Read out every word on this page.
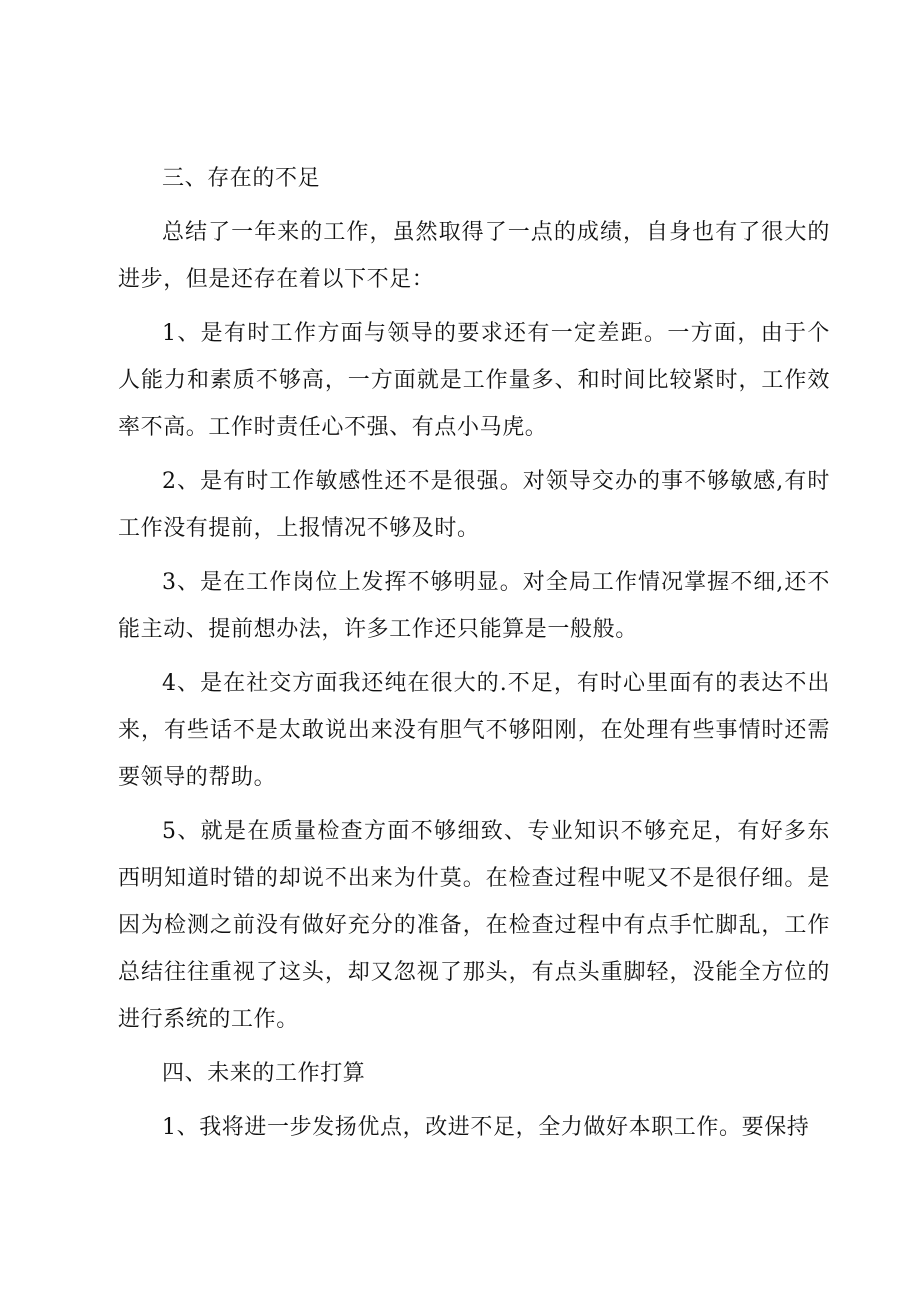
三、存在的不足

总结了一年来的工作，虽然取得了一点的成绩，自身也有了很大的进步，但是还存在着以下不足：

1、是有时工作方面与领导的要求还有一定差距。一方面，由于个人能力和素质不够高，一方面就是工作量多、和时间比较紧时，工作效率不高。工作时责任心不强、有点小马虎。

2、是有时工作敏感性还不是很强。对领导交办的事不够敏感,有时工作没有提前，上报情况不够及时。

3、是在工作岗位上发挥不够明显。对全局工作情况掌握不细,还不能主动、提前想办法，许多工作还只能算是一般般。

4、是在社交方面我还纯在很大的.不足，有时心里面有的表达不出来，有些话不是太敢说出来没有胆气不够阳刚，在处理有些事情时还需要领导的帮助。

5、就是在质量检查方面不够细致、专业知识不够充足，有好多东西明知道时错的却说不出来为什莫。在检查过程中呢又不是很仔细。是因为检测之前没有做好充分的准备，在检查过程中有点手忙脚乱，工作总结往往重视了这头，却又忽视了那头，有点头重脚轻，没能全方位的进行系统的工作。

四、未来的工作打算

1、我将进一步发扬优点，改进不足，全力做好本职工作。要保持
